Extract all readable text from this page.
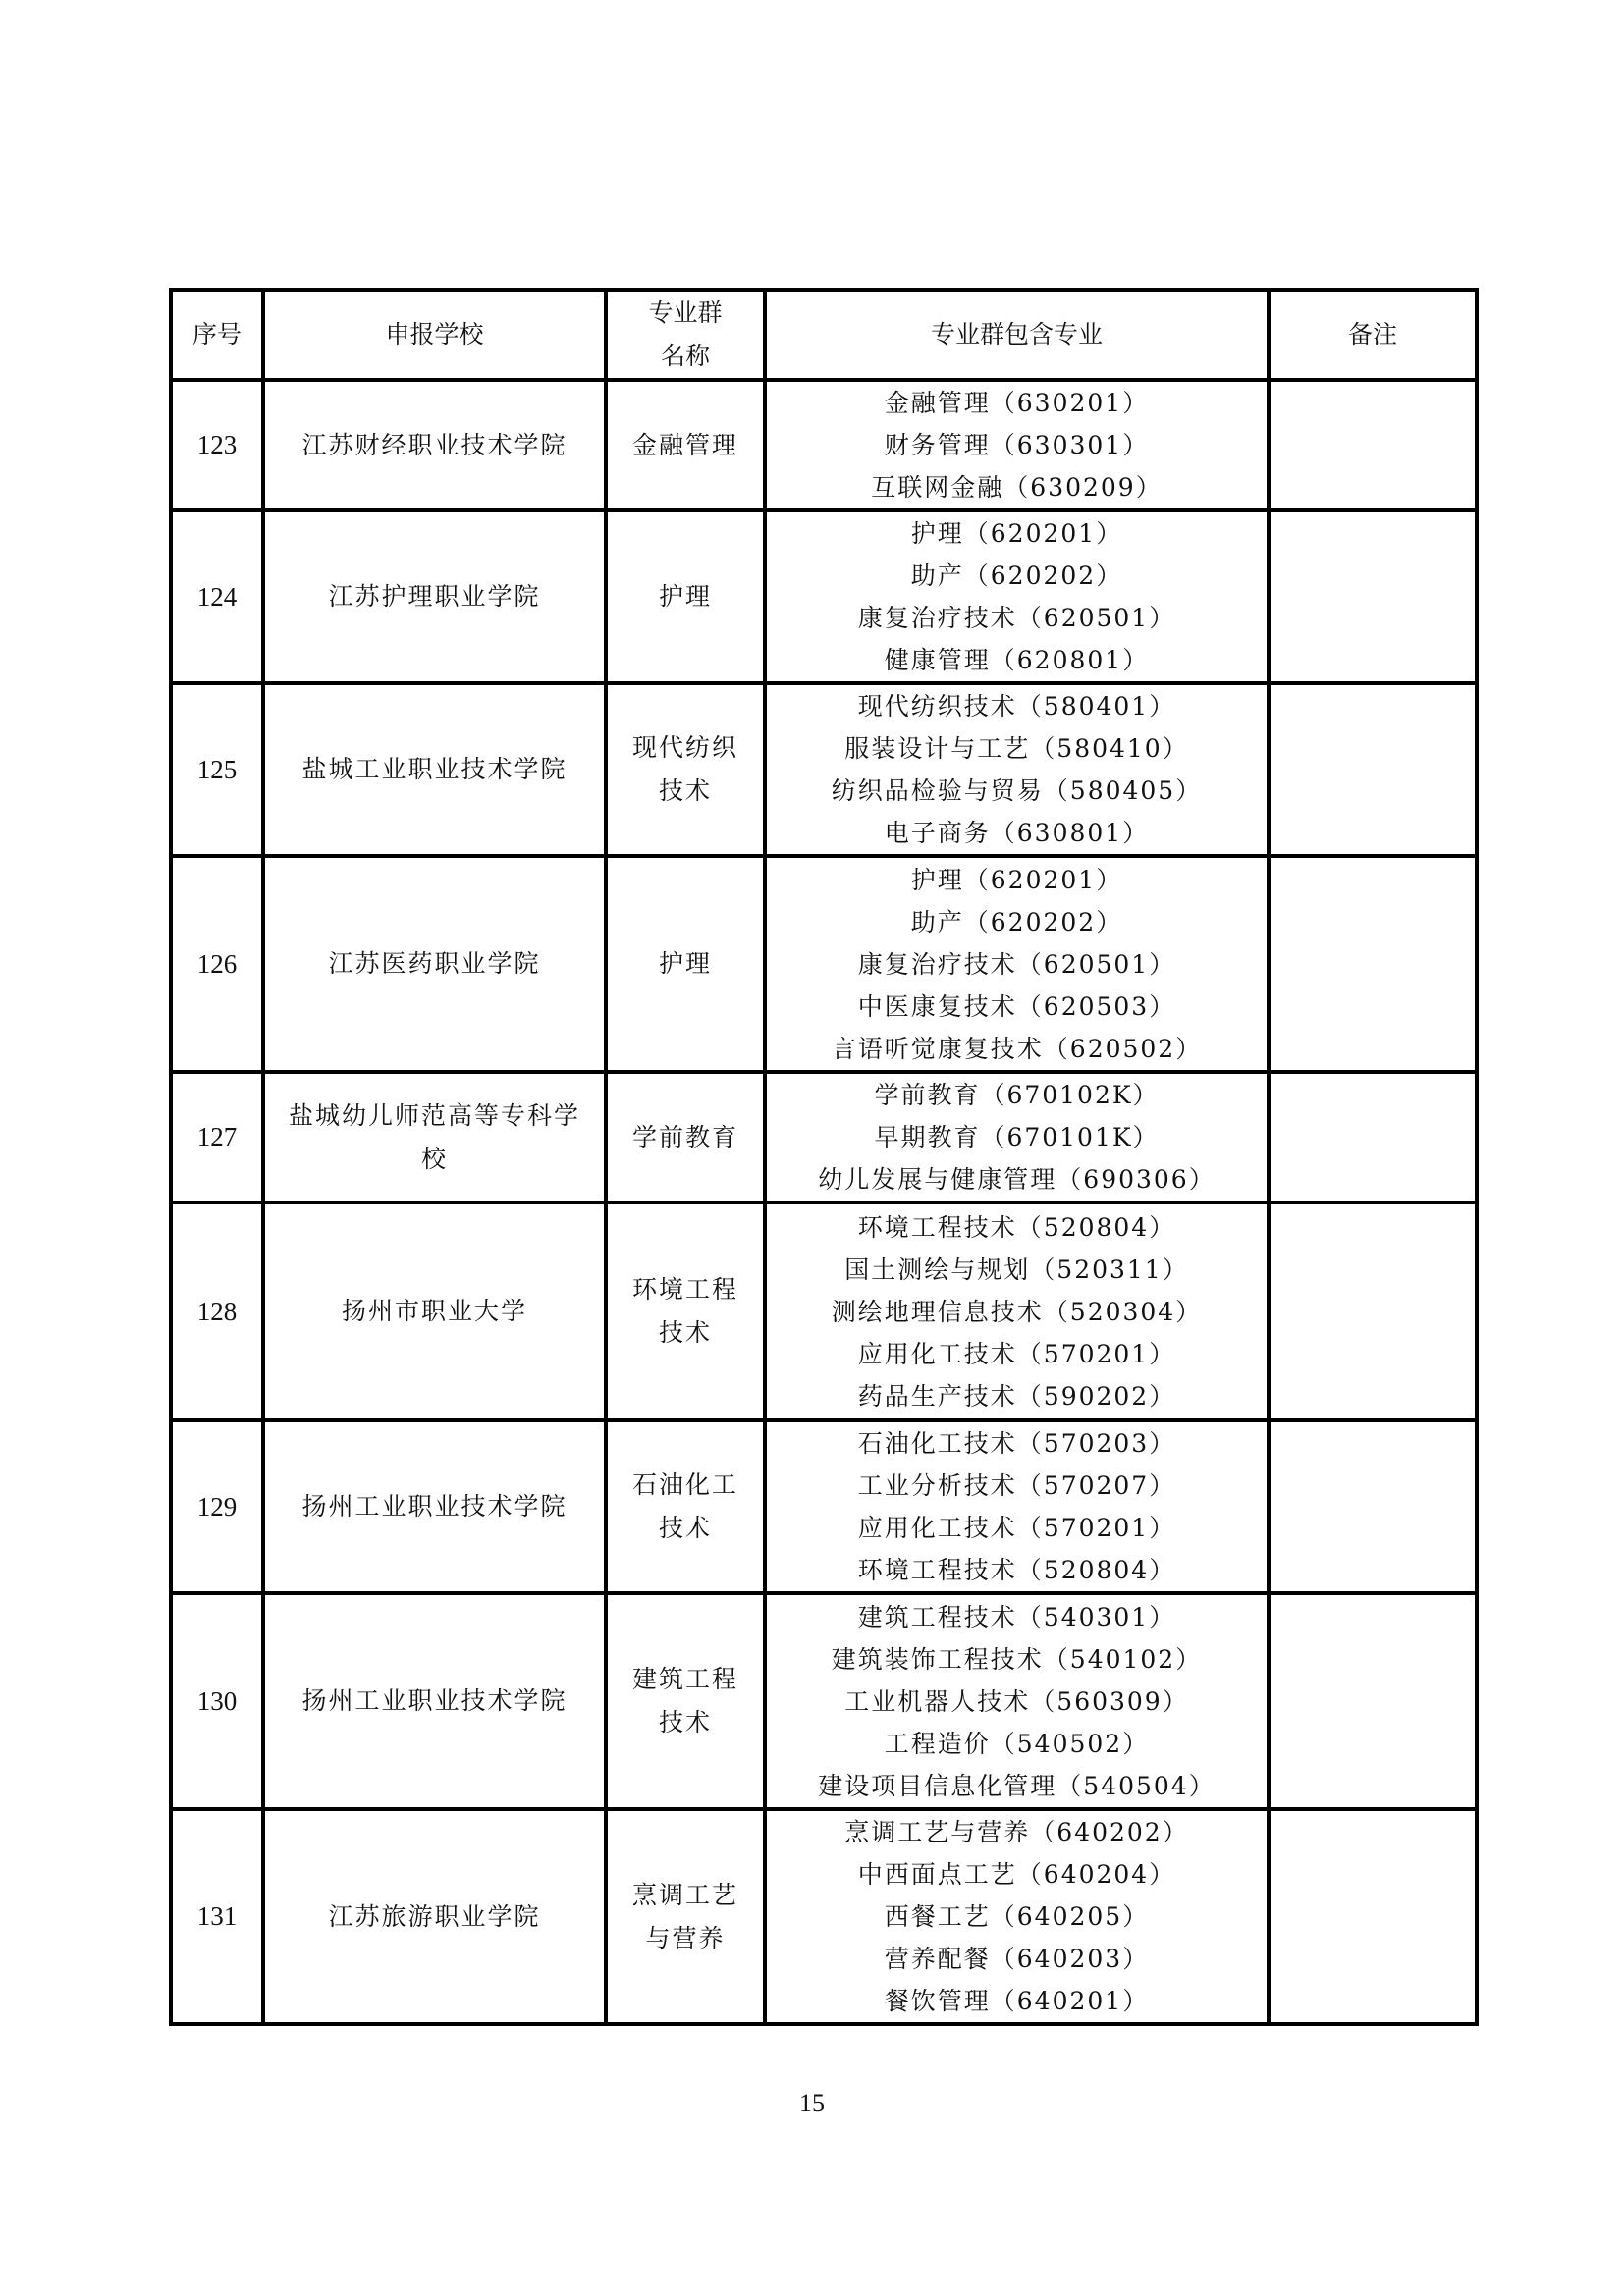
序号	申报学校	专业群名称	专业群包含专业	备注
123	江苏财经职业技术学院	金融管理	金融管理（630201）
财务管理（630301）
互联网金融（630209）	

124	江苏护理职业学院	护理	护理（620201）
助产（620202）
康复治疗技术（620501）
健康管理（620801）	

125	盐城工业职业技术学院	现代纺织技术	现代纺织技术（580401）
服装设计与工艺（580410）
纺织品检验与贸易（580405）
电子商务（630801）	

126	江苏医药职业学院	护理	护理（620201）
助产（620202）
康复治疗技术（620501）
中医康复技术（620503）
言语听觉康复技术（620502）	

127	盐城幼儿师范高等专科学校	学前教育	学前教育（670102K）
早期教育（670101K）
幼儿发展与健康管理（690306）	

128	扬州市职业大学	环境工程技术	环境工程技术（520804）
国土测绘与规划（520311）
测绘地理信息技术（520304）
应用化工技术（570201）
药品生产技术（590202）	

129	扬州工业职业技术学院	石油化工技术	石油化工技术（570203）
工业分析技术（570207）
应用化工技术（570201）
环境工程技术（520804）	

130	扬州工业职业技术学院	建筑工程技术	建筑工程技术（540301）
建筑装饰工程技术（540102）
工业机器人技术（560309）
工程造价（540502）
建设项目信息化管理（540504）	

131	江苏旅游职业学院	烹调工艺与营养	烹调工艺与营养（640202）
中西面点工艺（640204）
西餐工艺（640205）
营养配餐（640203）
餐饮管理（640201）	

15
